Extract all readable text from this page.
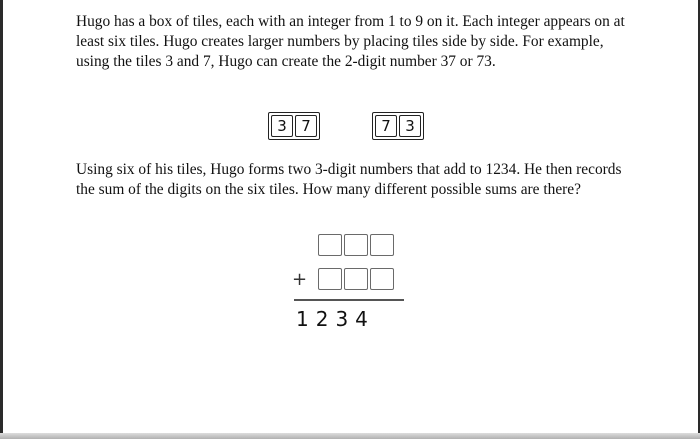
Hugo has a box of tiles, each with an integer from 1 to 9 on it. Each integer appears on at least six tiles. Hugo creates larger numbers by placing tiles side by side. For example, using the tiles 3 and 7, Hugo can create the 2-digit number 37 or 73.

3 7	7 3

Using six of his tiles, Hugo forms two 3-digit numbers that add to 1234. He then records the sum of the digits on the six tiles. How many different possible sums are there?

+
1234
